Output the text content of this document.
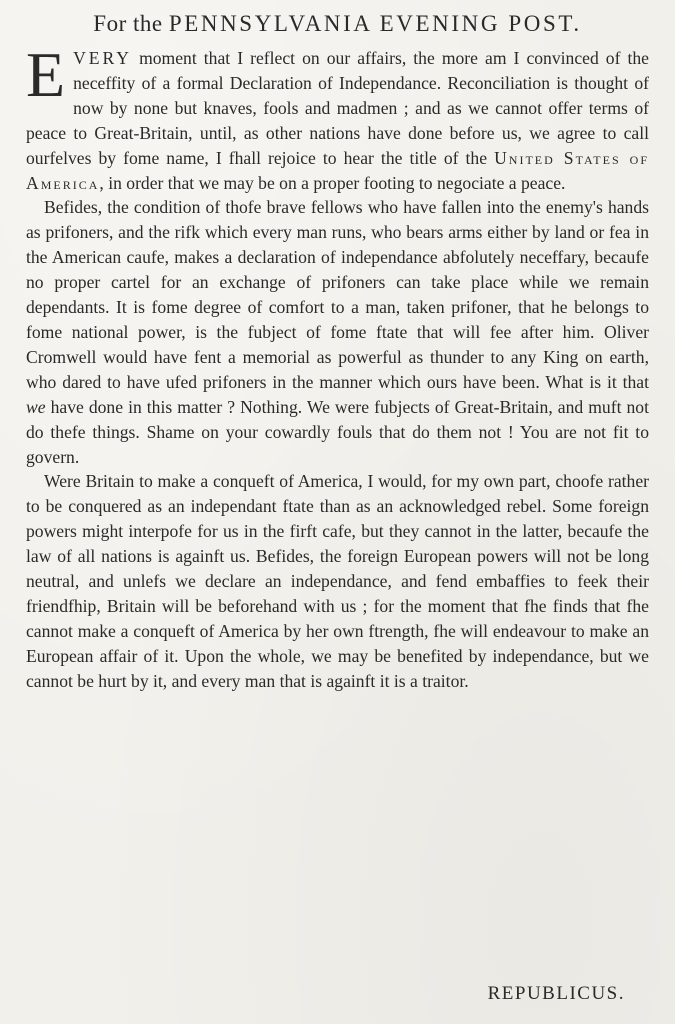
For the PENNSYLVANIA EVENING POST.

EVERY moment that I reflect on our affairs, the more am I convinced of the neceffity of a formal Declaration of Independance. Reconciliation is thought of now by none but knaves, fools and madmen ; and as we cannot offer terms of peace to Great-Britain, until, as other nations have done before us, we agree to call ourfelves by fome name, I fhall rejoice to hear the title of the United States of America, in order that we may be on a proper footing to negociate a peace.

Befides, the condition of thofe brave fellows who have fallen into the enemy's hands as prifoners, and the rifk which every man runs, who bears arms either by land or fea in the American caufe, makes a declaration of independance abfolutely neceffary, becaufe no proper cartel for an exchange of prifoners can take place while we remain dependants. It is fome degree of comfort to a man, taken prifoner, that he belongs to fome national power, is the fubject of fome ftate that will fee after him. Oliver Cromwell would have fent a memorial as powerful as thunder to any King on earth, who dared to have ufed prifoners in the manner which ours have been. What is it that we have done in this matter ? Nothing. We were fubjects of Great-Britain, and muft not do thefe things. Shame on your cowardly fouls that do them not ! You are not fit to govern.

Were Britain to make a conqueft of America, I would, for my own part, choofe rather to be conquered as an independant ftate than as an acknowledged rebel. Some foreign powers might interpofe for us in the firft cafe, but they cannot in the latter, becaufe the law of all nations is againft us. Befides, the foreign European powers will not be long neutral, and unlefs we declare an independance, and fend embaffies to feek their friendfhip, Britain will be beforehand with us ; for the moment that fhe finds that fhe cannot make a conqueft of America by her own ftrength, fhe will endeavour to make an European affair of it. Upon the whole, we may be benefited by independance, but we cannot be hurt by it, and every man that is againft it is a traitor.

REPUBLICUS.
